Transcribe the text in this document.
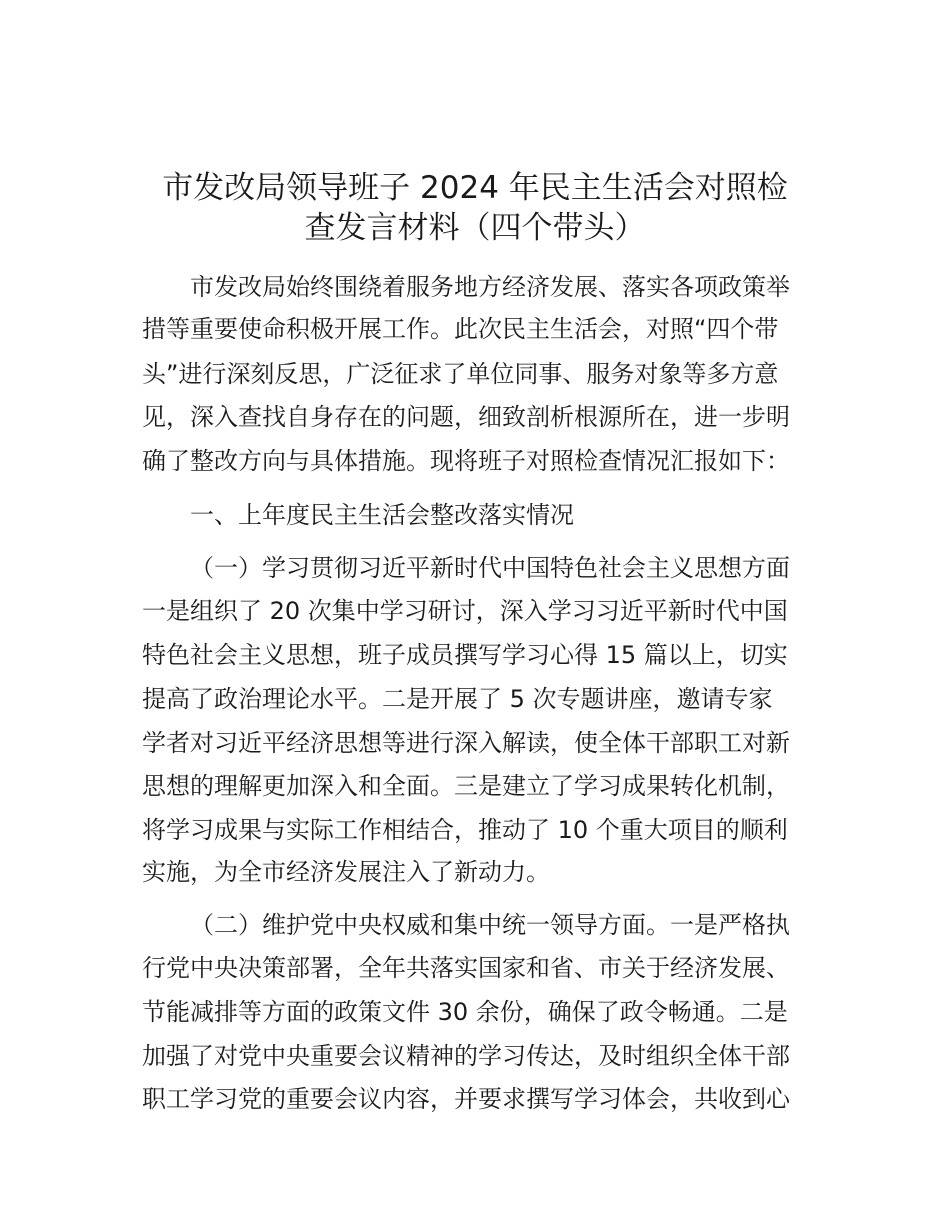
市发改局领导班子 2024 年民主生活会对照检
查发言材料（四个带头）

市发改局始终围绕着服务地方经济发展、落实各项政策举

措等重要使命积极开展工作。此次民主生活会，对照“四个带

头”进行深刻反思，广泛征求了单位同事、服务对象等多方意

见，深入查找自身存在的问题，细致剖析根源所在，进一步明

确了整改方向与具体措施。现将班子对照检查情况汇报如下：

一、上年度民主生活会整改落实情况

（一）学习贯彻习近平新时代中国特色社会主义思想方面

一是组织了 20 次集中学习研讨，深入学习习近平新时代中国

特色社会主义思想，班子成员撰写学习心得 15 篇以上，切实

提高了政治理论水平。二是开展了 5 次专题讲座，邀请专家

学者对习近平经济思想等进行深入解读，使全体干部职工对新

思想的理解更加深入和全面。三是建立了学习成果转化机制，

将学习成果与实际工作相结合，推动了 10 个重大项目的顺利

实施，为全市经济发展注入了新动力。

（二）维护党中央权威和集中统一领导方面。一是严格执

行党中央决策部署，全年共落实国家和省、市关于经济发展、

节能减排等方面的政策文件 30 余份，确保了政令畅通。二是

加强了对党中央重要会议精神的学习传达，及时组织全体干部

职工学习党的重要会议内容，并要求撰写学习体会，共收到心
